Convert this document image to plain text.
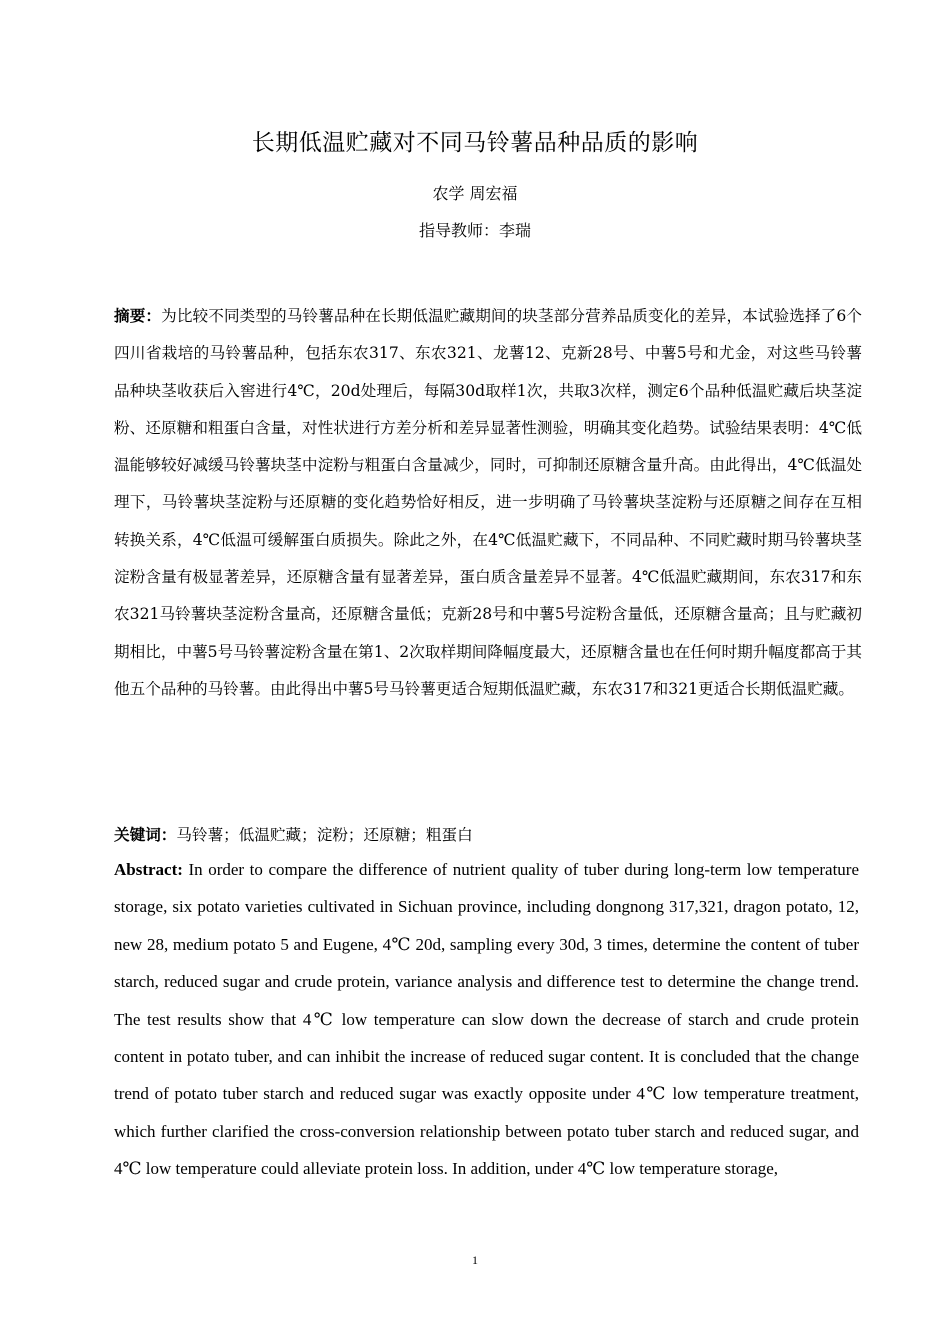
长期低温贮藏对不同马铃薯品种品质的影响
农学 周宏福
指导教师：李瑞

摘要：为比较不同类型的马铃薯品种在长期低温贮藏期间的块茎部分营养品质变化的差异，本试验选择了6个四川省栽培的马铃薯品种，包括东农317、东农321、龙薯12、克新28号、中薯5号和尤金，对这些马铃薯品种块茎收获后入窖进行4℃，20d处理后，每隔30d取样1次，共取3次样，测定6个品种低温贮藏后块茎淀粉、还原糖和粗蛋白含量，对性状进行方差分析和差异显著性测验，明确其变化趋势。试验结果表明：4℃低温能够较好减缓马铃薯块茎中淀粉与粗蛋白含量减少，同时，可抑制还原糖含量升高。由此得出，4℃低温处理下，马铃薯块茎淀粉与还原糖的变化趋势恰好相反，进一步明确了马铃薯块茎淀粉与还原糖之间存在互相转换关系，4℃低温可缓解蛋白质损失。除此之外，在4℃低温贮藏下，不同品种、不同贮藏时期马铃薯块茎淀粉含量有极显著差异，还原糖含量有显著差异，蛋白质含量差异不显著。4℃低温贮藏期间，东农317和东农321马铃薯块茎淀粉含量高，还原糖含量低；克新28号和中薯5号淀粉含量低，还原糖含量高；且与贮藏初期相比，中薯5号马铃薯淀粉含量在第1、2次取样期间降幅度最大，还原糖含量也在任何时期升幅度都高于其他五个品种的马铃薯。由此得出中薯5号马铃薯更适合短期低温贮藏，东农317和321更适合长期低温贮藏。

关键词：马铃薯；低温贮藏；淀粉；还原糖；粗蛋白

Abstract: In order to compare the difference of nutrient quality of tuber during long-term low temperature storage, six potato varieties cultivated in Sichuan province, including dongnong 317,321, dragon potato, 12, new 28, medium potato 5 and Eugene, 4℃ 20d, sampling every 30d, 3 times, determine the content of tuber starch, reduced sugar and crude protein, variance analysis and difference test to determine the change trend. The test results show that 4℃ low temperature can slow down the decrease of starch and crude protein content in potato tuber, and can inhibit the increase of reduced sugar content. It is concluded that the change trend of potato tuber starch and reduced sugar was exactly opposite under 4℃ low temperature treatment, which further clarified the cross-conversion relationship between potato tuber starch and reduced sugar, and 4℃ low temperature could alleviate protein loss. In addition, under 4℃ low temperature storage,

1
